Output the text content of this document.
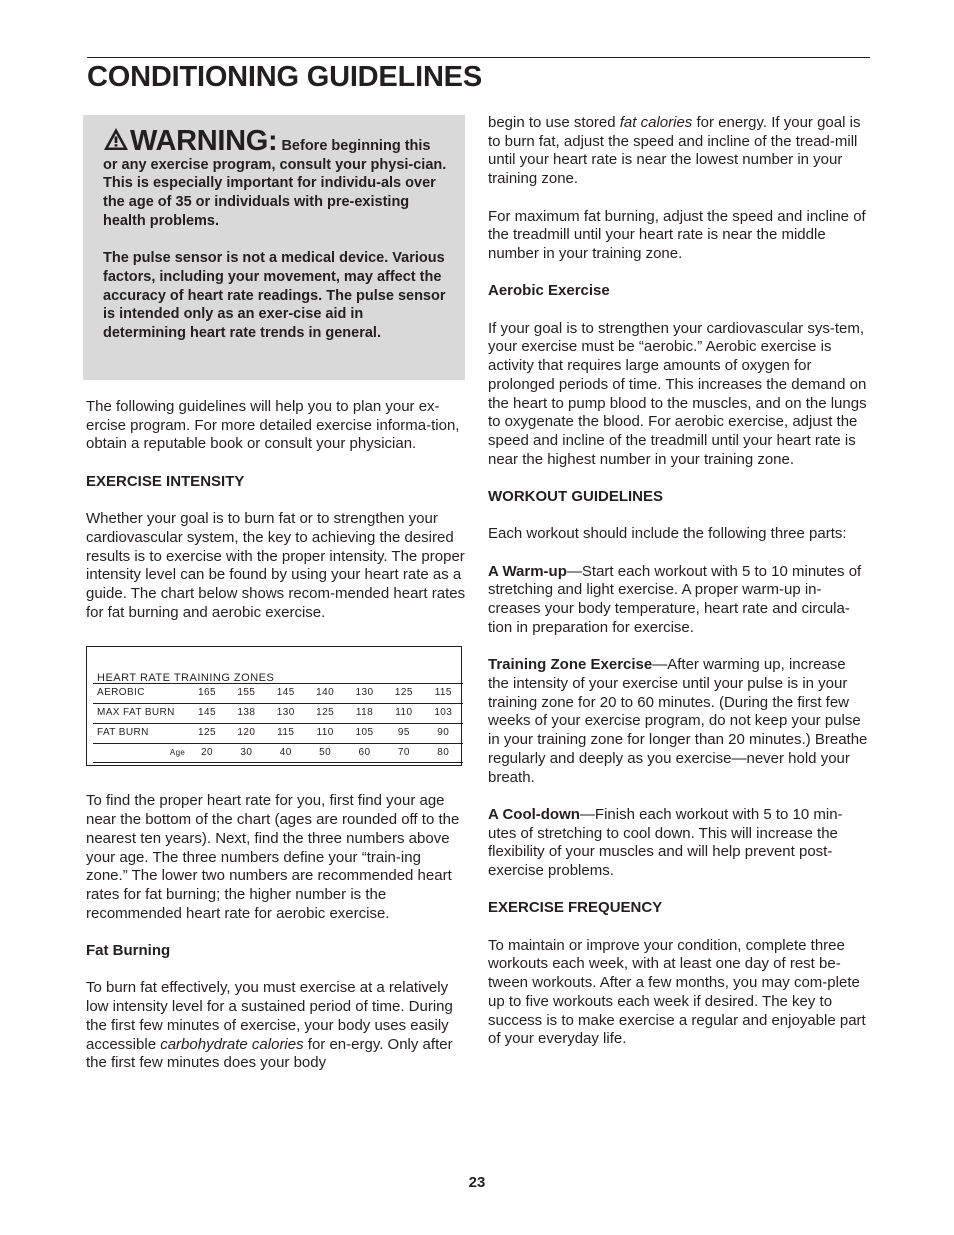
CONDITIONING GUIDELINES

WARNING: Before beginning this or any exercise program, consult your physi-cian. This is especially important for individu-als over the age of 35 or individuals with pre-existing health problems.

The pulse sensor is not a medical device. Various factors, including your movement, may affect the accuracy of heart rate readings. The pulse sensor is intended only as an exer-cise aid in determining heart rate trends in general.

The following guidelines will help you to plan your ex-ercise program. For more detailed exercise informa-tion, obtain a reputable book or consult your physician.

EXERCISE INTENSITY

Whether your goal is to burn fat or to strengthen your cardiovascular system, the key to achieving the desired results is to exercise with the proper intensity. The proper intensity level can be found by using your heart rate as a guide. The chart below shows recom-mended heart rates for fat burning and aerobic exercise.

HEART RATE TRAINING ZONES
AEROBIC	165	155	145	140	130	125	115
MAX FAT BURN	145	138	130	125	118	110	103
FAT BURN	125	120	115	110	105	95	90
Age	20	30	40	50	60	70	80

To find the proper heart rate for you, first find your age near the bottom of the chart (ages are rounded off to the nearest ten years). Next, find the three numbers above your age. The three numbers define your “train-ing zone.” The lower two numbers are recommended heart rates for fat burning; the higher number is the recommended heart rate for aerobic exercise.

Fat Burning

To burn fat effectively, you must exercise at a relatively low intensity level for a sustained period of time. During the first few minutes of exercise, your body uses easily accessible carbohydrate calories for en-ergy. Only after the first few minutes does your body

begin to use stored fat calories for energy. If your goal is to burn fat, adjust the speed and incline of the tread-mill until your heart rate is near the lowest number in your training zone.

For maximum fat burning, adjust the speed and incline of the treadmill until your heart rate is near the middle number in your training zone.

Aerobic Exercise

If your goal is to strengthen your cardiovascular sys-tem, your exercise must be “aerobic.” Aerobic exercise is activity that requires large amounts of oxygen for prolonged periods of time. This increases the demand on the heart to pump blood to the muscles, and on the lungs to oxygenate the blood. For aerobic exercise, adjust the speed and incline of the treadmill until your heart rate is near the highest number in your training zone.

WORKOUT GUIDELINES

Each workout should include the following three parts:

A Warm-up—Start each workout with 5 to 10 minutes of stretching and light exercise. A proper warm-up in-creases your body temperature, heart rate and circula-tion in preparation for exercise.

Training Zone Exercise—After warming up, increase the intensity of your exercise until your pulse is in your training zone for 20 to 60 minutes. (During the first few weeks of your exercise program, do not keep your pulse in your training zone for longer than 20 minutes.) Breathe regularly and deeply as you exercise—never hold your breath.

A Cool-down—Finish each workout with 5 to 10 min-utes of stretching to cool down. This will increase the flexibility of your muscles and will help prevent post-exercise problems.

EXERCISE FREQUENCY

To maintain or improve your condition, complete three workouts each week, with at least one day of rest be-tween workouts. After a few months, you may com-plete up to five workouts each week if desired. The key to success is to make exercise a regular and enjoyable part of your everyday life.

23
